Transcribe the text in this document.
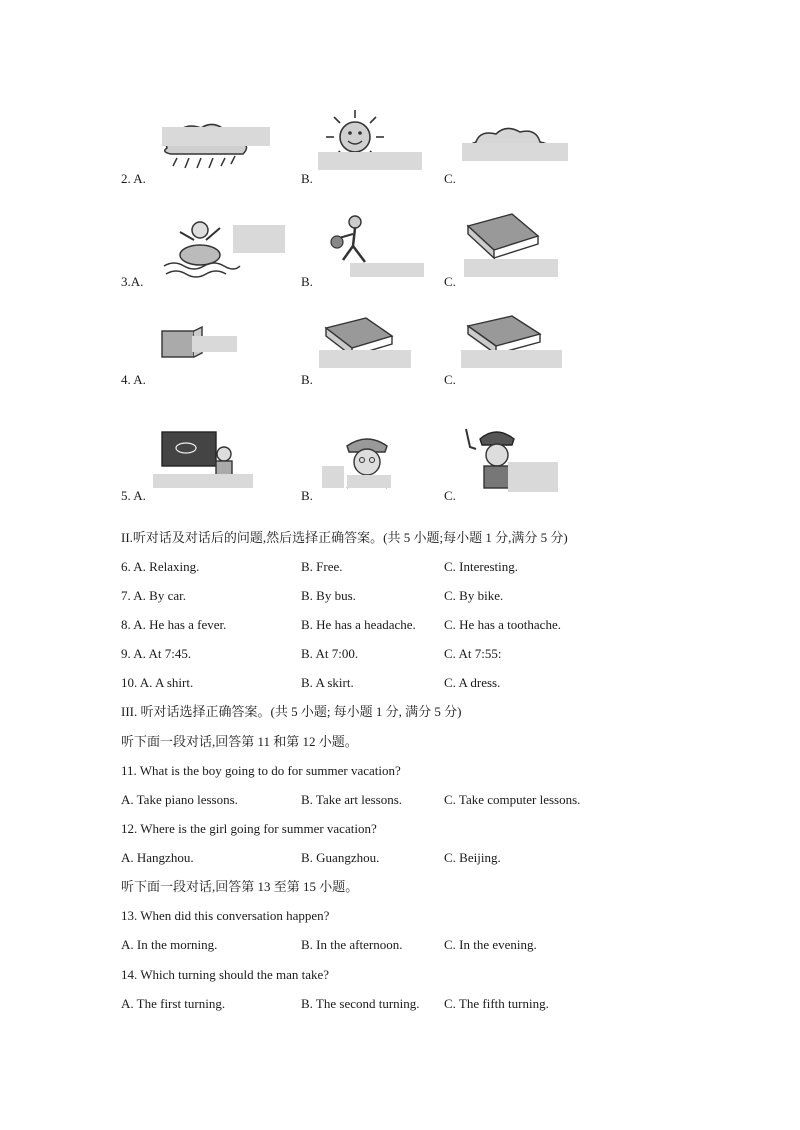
2. A.	B.	C.
3.A.	B.	C.
4. A.	B.	C.
5. A.	B.	C.
II.听对话及对话后的问题,然后选择正确答案。(共 5 小题;每小题 1 分,满分 5 分)
6. A. Relaxing.	B. Free.	C. Interesting.
7. A. By car.	B. By bus.	C. By bike.
8. A. He has a fever.	B. He has a headache. C. He has a toothache.
9. A. At 7:45.	B. At 7:00.	C. At 7:55:
10. A. A shirt.	B. A skirt.	C. A dress.
III. 听对话选择正确答案。(共 5 小题; 每小题 1 分, 满分 5 分)
听下面一段对话,回答第 11 和第 12 小题。
11. What is the boy going to do for summer vacation?
A. Take piano lessons.	B. Take art lessons.	C. Take computer lessons.
12. Where is the girl going for summer vacation?
A. Hangzhou.	B. Guangzhou.	C. Beijing.
听下面一段对话,回答第 13 至第 15 小题。
13. When did this conversation happen?
A. In the morning.	B. In the afternoon.	C. In the evening.
14. Which turning should the man take?
A. The first turning.	B. The second turning. C. The fifth turning.
